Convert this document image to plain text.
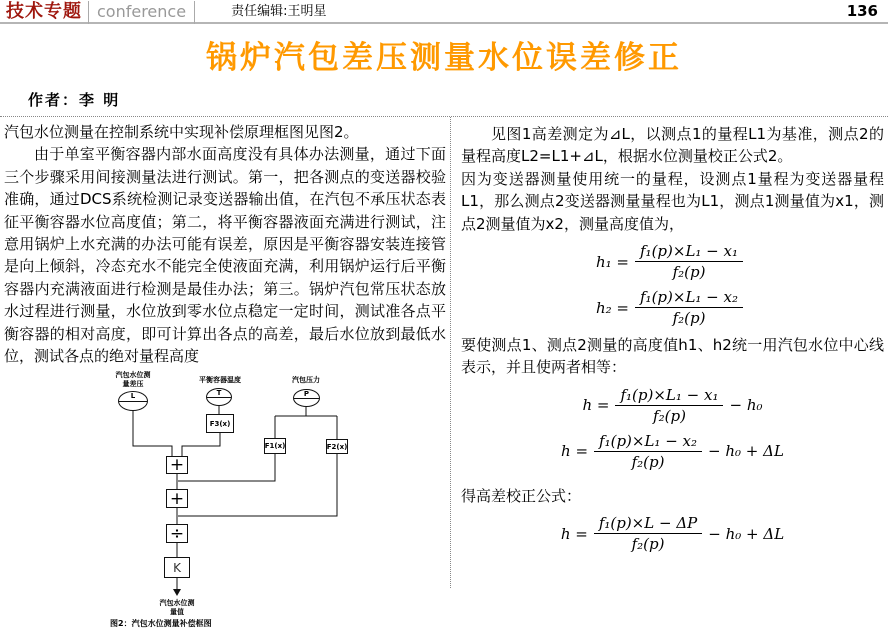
技术专题 conference	责任编辑:王明星	136
锅炉汽包差压测量水位误差修正
作者：李 明
汽包水位测量在控制系统中实现补偿原理框图见图2。
由于单室平衡容器内部水面高度没有具体办法测量，通过下面三个步骤采用间接测量法进行测试。第一，把各测点的变送器校验准确，通过DCS系统检测记录变送器输出值，在汽包不承压状态表征平衡容器水位高度值；第二，将平衡容器液面充满进行测试，注意用锅炉上水充满的办法可能有误差，原因是平衡容器安装连接管是向上倾斜，冷态充水不能完全使液面充满，利用锅炉运行后平衡容器内充满液面进行检测是最佳办法；第三。锅炉汽包常压状态放水过程进行测量，水位放到零水位点稳定一定时间，测试准各点平衡容器的相对高度，即可计算出各点的高差，最后水位放到最低水位，测试各点的绝对量程高度
汽包水位测
量差压
L
平衡容器温度
T
F3(x)
汽包压力
P
F1(x)	F2(x)
+
+
÷
K
汽包水位测
量值
图2：汽包水位测量补偿框图
见图1高差测定为⊿L，以测点1的量程L1为基准，测点2的量程高度L2=L1+⊿L，根据水位测量校正公式2。
因为变送器测量使用统一的量程，设测点1量程为变送器量程L1，那么测点2变送器测量量程也为L1，测点1测量值为x1，测点2测量值为x2，测量高度值为，
$h_1 = \frac{\text{f₁(p)×L₁ − x₁}}{\text{f₂(p)}}$
$h_2 = \frac{\text{f₁(p)×L₁ − x₂}}{\text{f₂(p)}}$
要使测点1、测点2测量的高度值h1、h2统一用汽包水位中心线表示，并且使两者相等：
$h = \frac{\text{f₁(p)×L₁ − x₁}}{\text{f₂(p)}} - h_0$
$h = \frac{\text{f₁(p)×L₁ − x₂}}{\text{f₂(p)}} - h_0 + \Delta L$
得高差校正公式：
$h = \frac{\text{f₁(p)×L − ΔP}}{\text{f₂(p)}} - h_0 + \Delta L$
